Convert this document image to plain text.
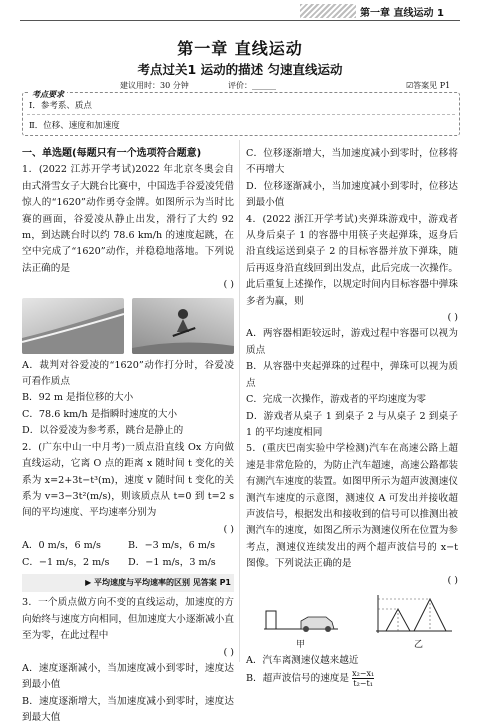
第一章 直线运动 1
第一章 直线运动
考点过关1 运动的描述 匀速直线运动
建议用时：30 分钟	评价：______	☑答案见 P1
考点要求
Ⅰ．参考系、质点
Ⅱ．位移、速度和加速度

一、单选题(每题只有一个选项符合题意)

1．(2022 江苏开学考试)2022 年北京冬奥会自由式滑雪女子大跳台比赛中，中国选手谷爱凌凭借惊人的“1620”动作勇夺金牌。如图所示为当时比赛的画面，谷爱凌从静止出发，滑行了大约 92 m，到达跳台时以约 78.6 km/h 的速度起跳，在空中完成了“1620”动作，并稳稳地落地。下列说法正确的是

( )

A．裁判对谷爱凌的“1620”动作打分时，谷爱凌可看作质点

B．92 m 是指位移的大小

C．78.6 km/h 是指瞬时速度的大小

D．以谷爱凌为参考系，跳台是静止的

2．(广东中山一中月考)一质点沿直线 Ox 方向做直线运动，它离 O 点的距离 x 随时间 t 变化的关系为 x=2+3t−t³(m)，速度 v 随时间 t 变化的关系为 v=3−3t²(m/s)，则该质点从 t=0 到 t=2 s 间的平均速度、平均速率分别为

( )

A．0 m/s，6 m/s	B．−3 m/s，6 m/s

C．−1 m/s，2 m/s	D．−1 m/s，3 m/s

▶ 平均速度与平均速率的区别 见答案 P1

3．一个质点做方向不变的直线运动，加速度的方向始终与速度方向相同，但加速度大小逐渐减小直至为零，在此过程中

( )

A．速度逐渐减小，当加速度减小到零时，速度达到最小值

B．速度逐渐增大，当加速度减小到零时，速度达到最大值

C．位移逐渐增大，当加速度减小到零时，位移将不再增大

D．位移逐渐减小，当加速度减小到零时，位移达到最小值

4．(2022 浙江开学考试)夹弹珠游戏中，游戏者从身后桌子 1 的容器中用筷子夹起弹珠，返身后沿直线运送到桌子 2 的目标容器并放下弹珠，随后再返身沿直线回到出发点，此后完成一次操作。此后重复上述操作，以规定时间内目标容器中弹珠多者为赢，则

( )

A．两容器相距较远时，游戏过程中容器可以视为质点

B．从容器中夹起弹珠的过程中，弹珠可以视为质点

C．完成一次操作，游戏者的平均速度为零

D．游戏者从桌子 1 到桌子 2 与从桌子 2 到桌子 1 的平均速度相同

5．(重庆巴南实验中学检测)汽车在高速公路上超速是非常危险的，为防止汽车超速，高速公路都装有测汽车速度的装置。如图甲所示为超声波测速仪测汽车速度的示意图，测速仪 A 可发出并接收超声波信号，根据发出和接收到的信号可以推测出被测汽车的速度，如图乙所示为测速仪所在位置为参考点，测速仪连续发出的两个超声波信号的 x−t 图像。下列说法正确的是

( )

甲	乙

A．汽车离测速仪越来越近

B．超声波信号的速度是 $\frac{\text{x₂−x₁}}{\text{t₂−t₁}}$
